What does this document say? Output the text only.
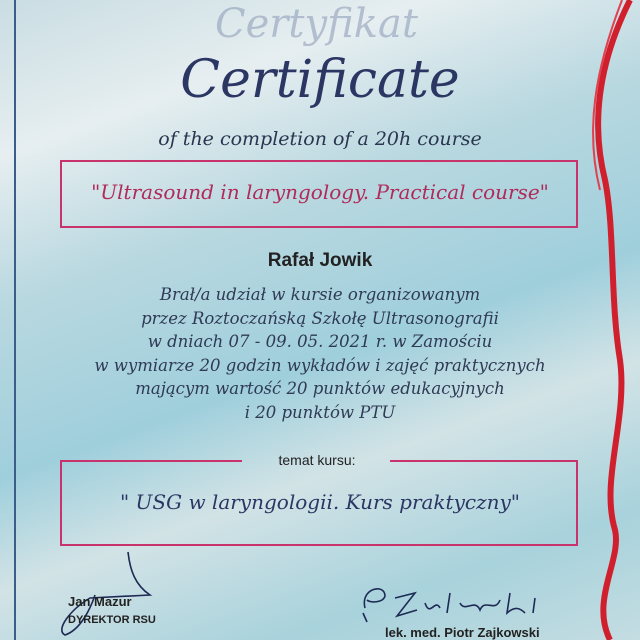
Certyfikat
Certificate
of the completion of a 20h course
"Ultrasound in laryngology. Practical course"
Rafał Jowik
Brał/a udział w kursie organizowanym
przez Roztoczańską Szkołę Ultrasonografii
w dniach 07 - 09. 05. 2021 r. w Zamościu
w wymiarze 20 godzin wykładów i zajęć praktycznych
mającym wartość 20 punktów edukacyjnych
i 20 punktów PTU
temat kursu:
" USG w laryngologii. Kurs praktyczny"
Jan Mazur
DYREKTOR RSU
lek. med. Piotr Zajkowski
